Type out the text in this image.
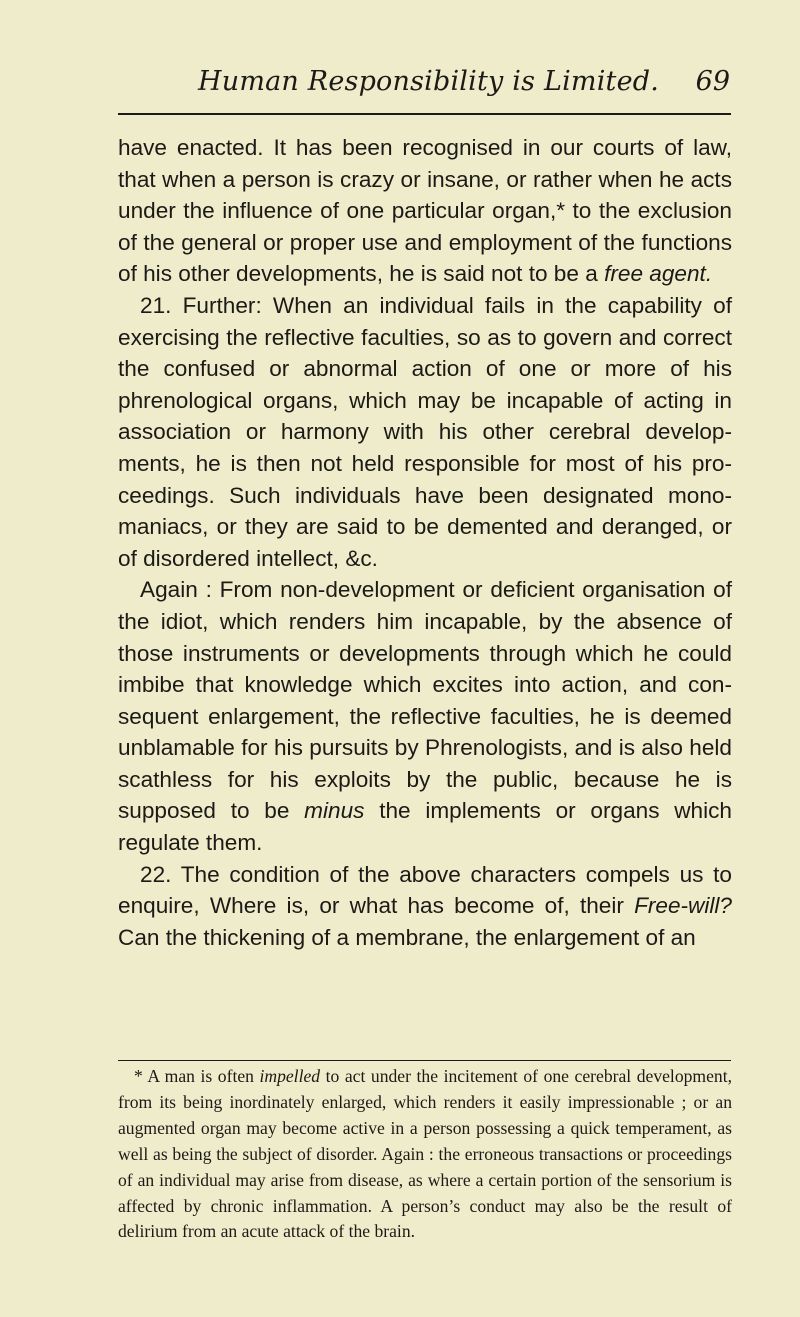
Human Responsibility is Limited. 69

have enacted. It has been recognised in our courts of law, that when a person is crazy or insane, or rather when he acts under the influence of one particular organ,* to the exclusion of the general or proper use and employment of the functions of his other developments, he is said not to be a free agent.

21. Further: When an individual fails in the capability of exercising the reflective faculties, so as to govern and correct the confused or abnormal action of one or more of his phrenological organs, which may be incapable of acting in association or harmony with his other cerebral develop- ments, he is then not held responsible for most of his pro- ceedings. Such individuals have been designated mono- maniacs, or they are said to be demented and deranged, or of disordered intellect, &c.

Again : From non-development or deficient organisation of the idiot, which renders him incapable, by the absence of those instruments or developments through which he could imbibe that knowledge which excites into action, and con- sequent enlargement, the reflective faculties, he is deemed unblamable for his pursuits by Phrenologists, and is also held scathless for his exploits by the public, because he is supposed to be minus the implements or organs which regulate them.

22. The condition of the above characters compels us to enquire, Where is, or what has become of, their Free-will? Can the thickening of a membrane, the enlargement of an

* A man is often impelled to act under the incitement of one cerebral development, from its being inordinately enlarged, which renders it easily impressionable ; or an augmented organ may become active in a person possessing a quick temperament, as well as being the subject of disorder. Again : the erroneous transactions or proceedings of an individual may arise from disease, as where a certain portion of the sensorium is affected by chronic inflammation. A person’s conduct may also be the result of delirium from an acute attack of the brain.
